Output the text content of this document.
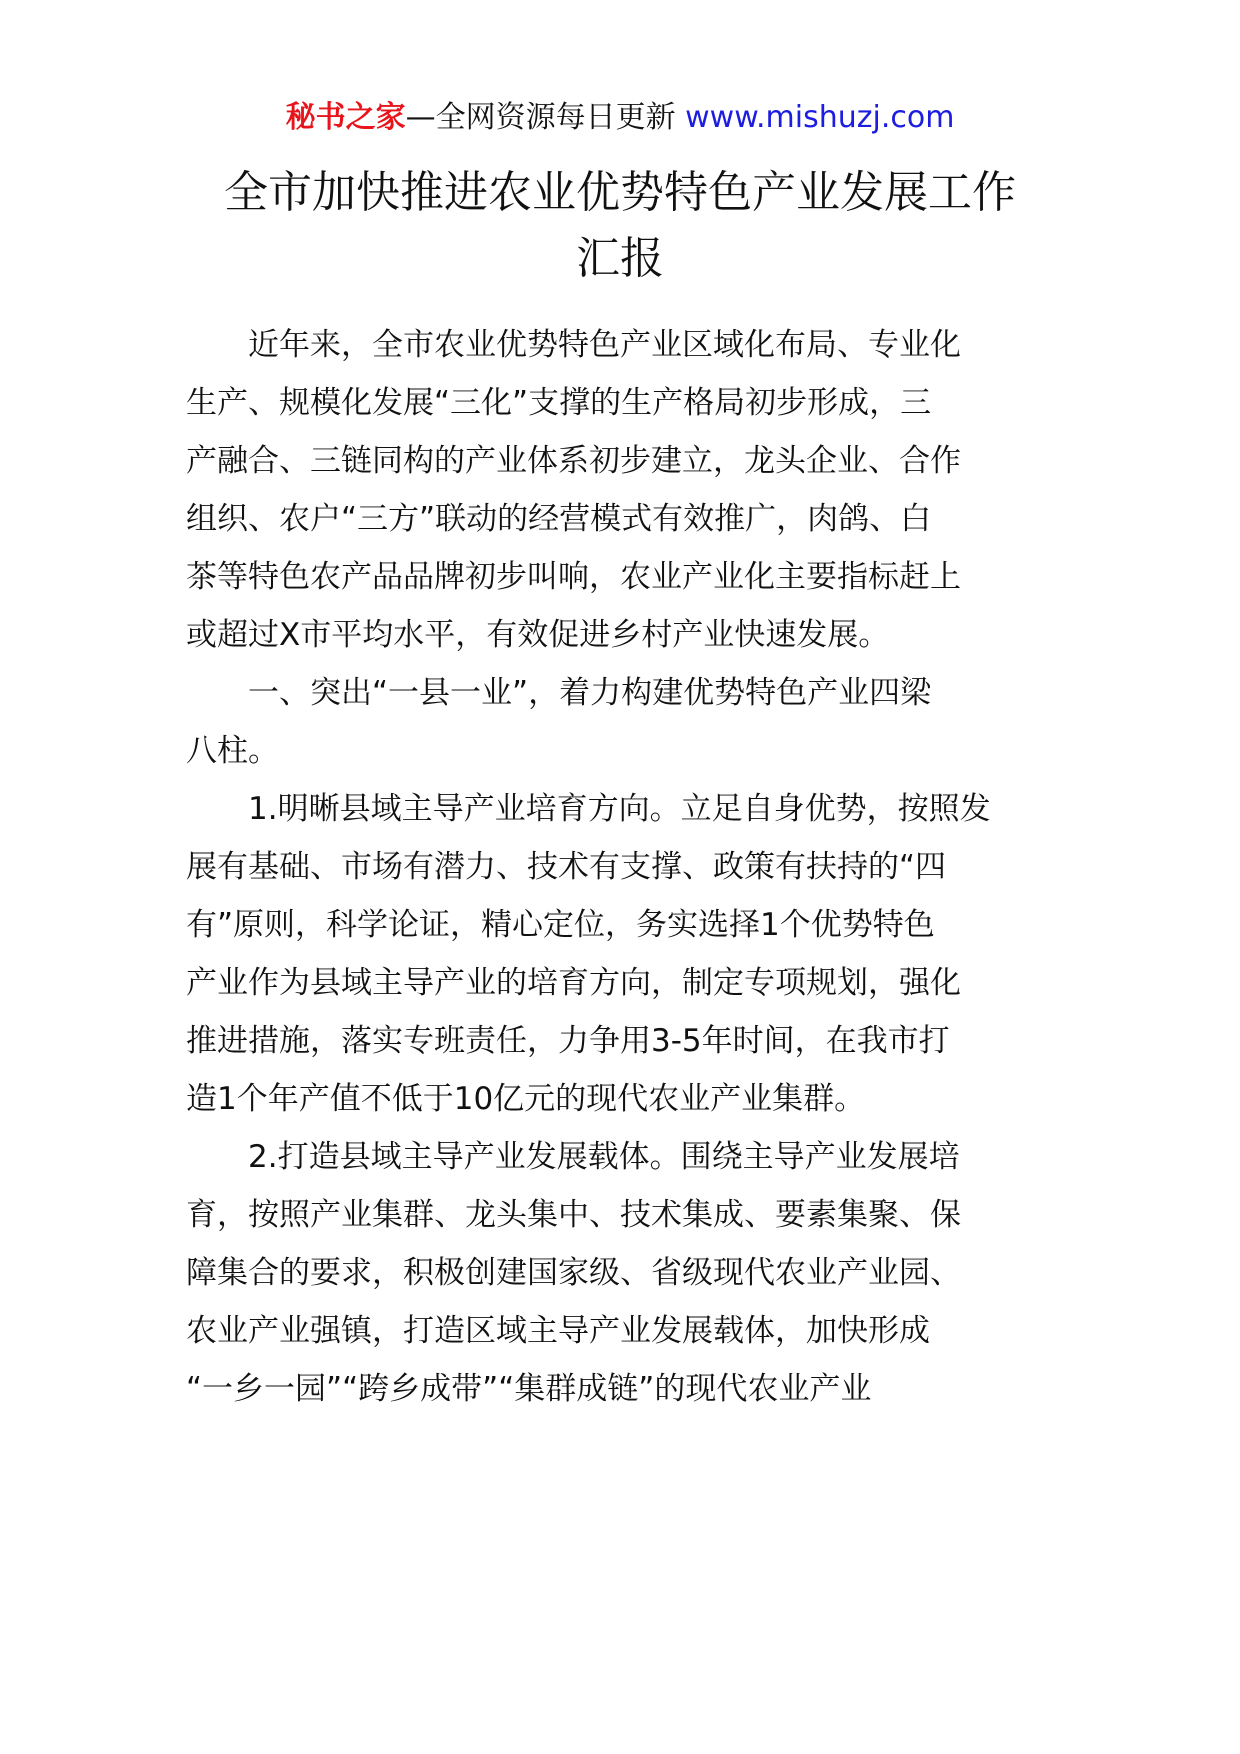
秘书之家—全网资源每日更新 www.mishuzj.com
全市加快推进农业优势特色产业发展工作
汇报

　　近年来，全市农业优势特色产业区域化布局、专业化

生产、规模化发展“三化”支撑的生产格局初步形成，三

产融合、三链同构的产业体系初步建立，龙头企业、合作

组织、农户“三方”联动的经营模式有效推广，肉鸽、白

茶等特色农产品品牌初步叫响，农业产业化主要指标赶上

或超过X市平均水平，有效促进乡村产业快速发展。

　　一、突出“一县一业”，着力构建优势特色产业四梁

八柱。

　　1.明晰县域主导产业培育方向。立足自身优势，按照发

展有基础、市场有潜力、技术有支撑、政策有扶持的“四

有”原则，科学论证，精心定位，务实选择1个优势特色

产业作为县域主导产业的培育方向，制定专项规划，强化

推进措施，落实专班责任，力争用3-5年时间，在我市打

造1个年产值不低于10亿元的现代农业产业集群。

　　2.打造县域主导产业发展载体。围绕主导产业发展培

育，按照产业集群、龙头集中、技术集成、要素集聚、保

障集合的要求，积极创建国家级、省级现代农业产业园、

农业产业强镇，打造区域主导产业发展载体，加快形成

“一乡一园”“跨乡成带”“集群成链”的现代农业产业
